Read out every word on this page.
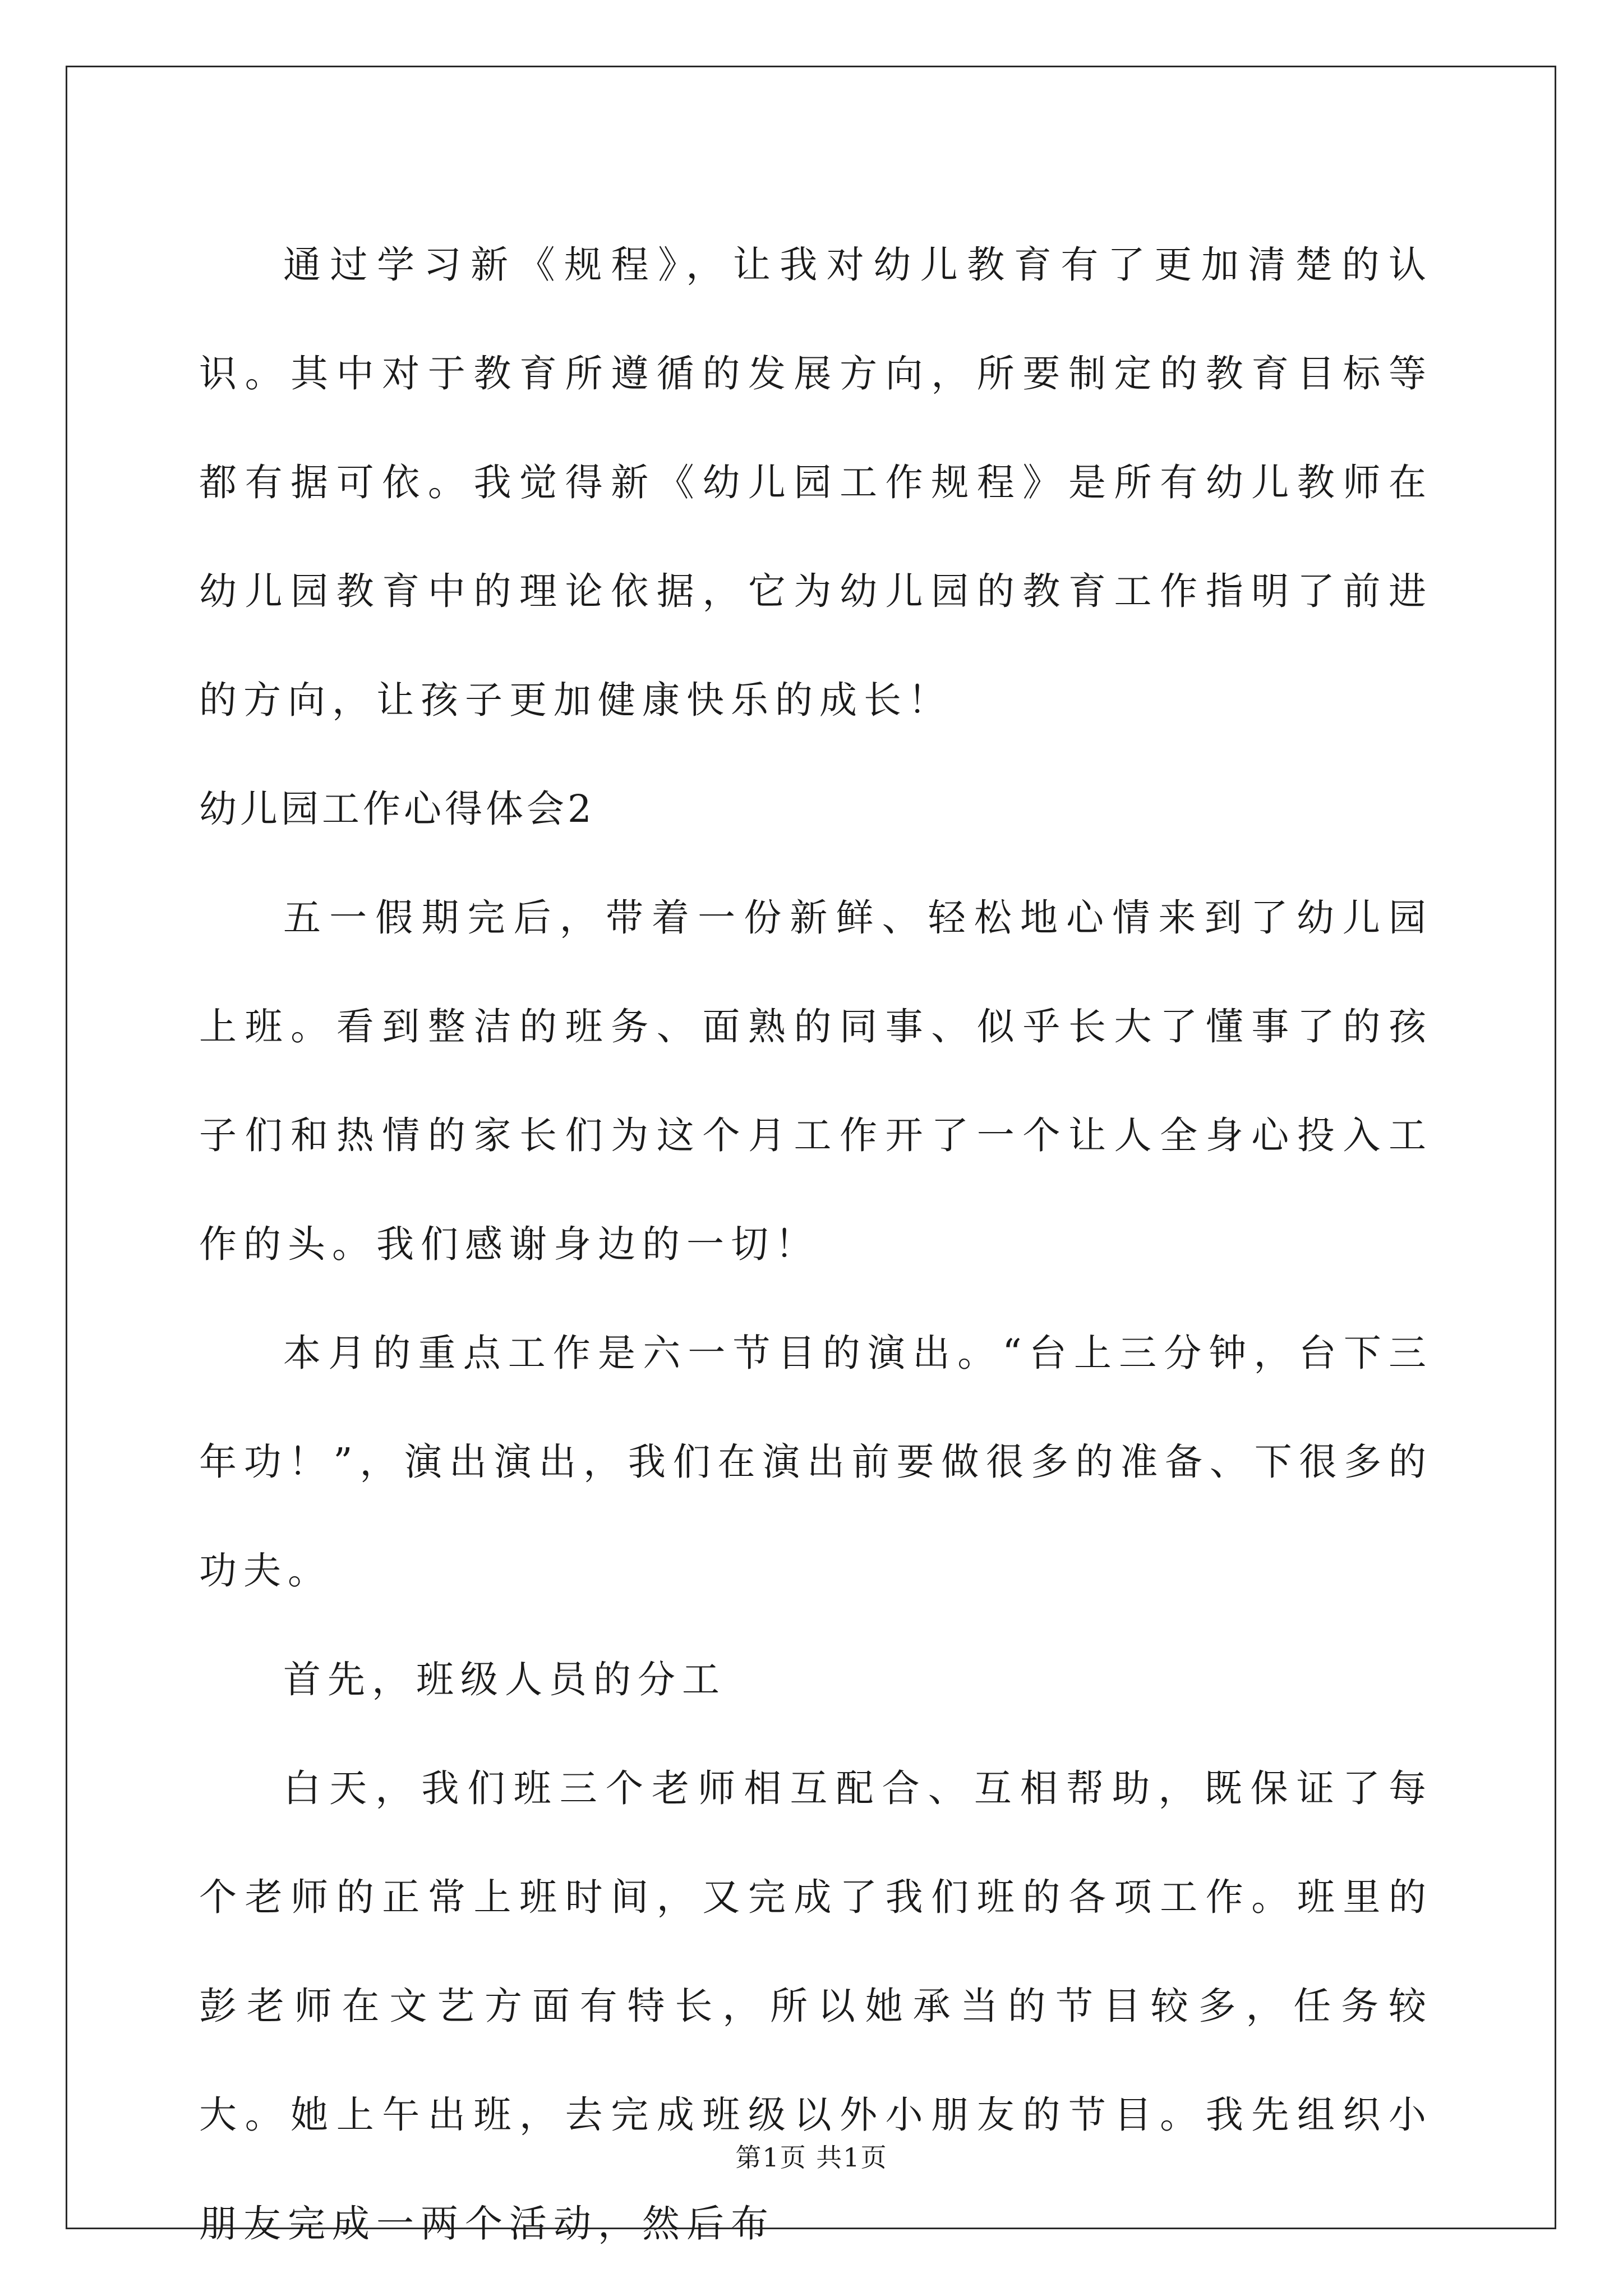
通过学习新《规程》，让我对幼儿教育有了更加清楚的认识。其中对于教育所遵循的发展方向，所要制定的教育目标等都有据可依。我觉得新《幼儿园工作规程》是所有幼儿教师在幼儿园教育中的理论依据，它为幼儿园的教育工作指明了前进的方向，让孩子更加健康快乐的成长！

幼儿园工作心得体会2

五一假期完后，带着一份新鲜、轻松地心情来到了幼儿园上班。看到整洁的班务、面熟的同事、似乎长大了懂事了的孩子们和热情的家长们为这个月工作开了一个让人全身心投入工作的头。我们感谢身边的一切！

本月的重点工作是六一节目的演出。“台上三分钟，台下三年功！”，演出演出，我们在演出前要做很多的准备、下很多的功夫。

首先，班级人员的分工

白天，我们班三个老师相互配合、互相帮助，既保证了每个老师的正常上班时间，又完成了我们班的各项工作。班里的彭老师在文艺方面有特长，所以她承当的节目较多，任务较大。她上午出班，去完成班级以外小朋友的节目。我先组织小朋友完成一两个活动，然后布

第1页 共1页
